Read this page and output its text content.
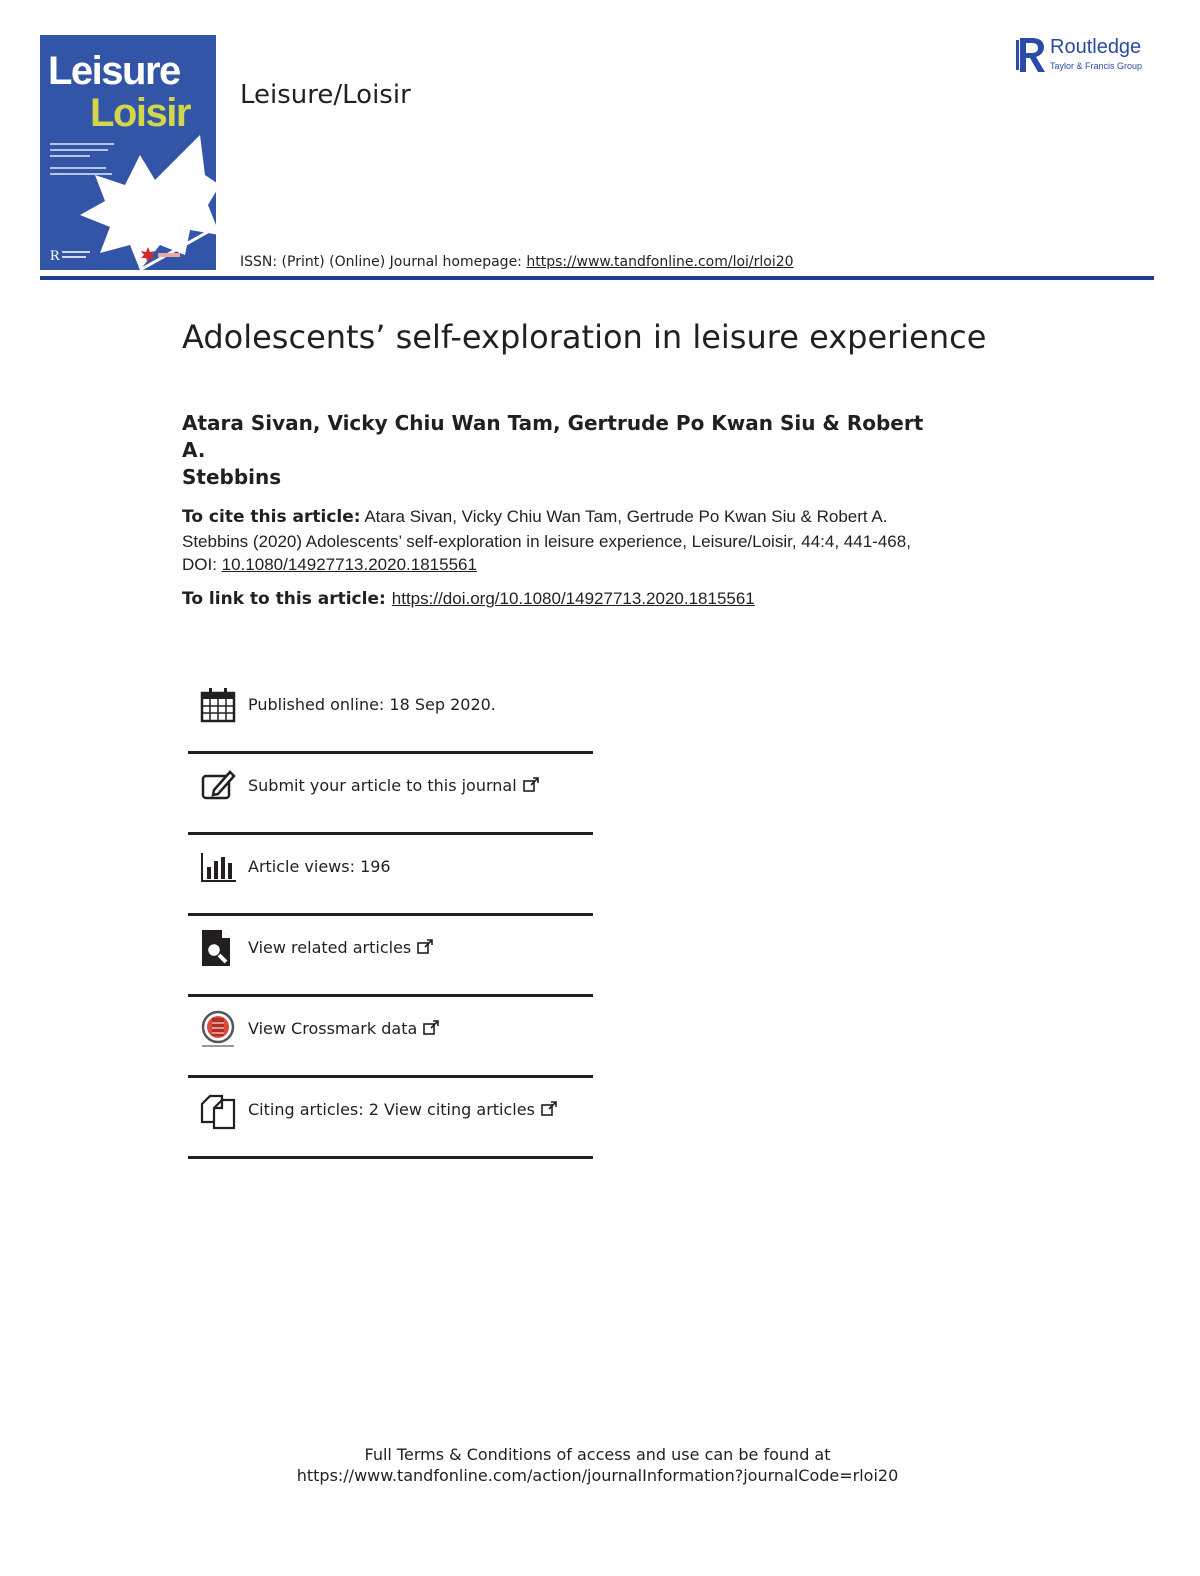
Leisure
Loisir
R
Leisure/Loisir
ISSN: (Print) (Online) Journal homepage: https://www.tandfonline.com/loi/rloi20
Routledge
Taylor & Francis Group
Adolescents’ self-exploration in leisure experience
Atara Sivan, Vicky Chiu Wan Tam, Gertrude Po Kwan Siu & Robert A.
Stebbins
To cite this article: Atara Sivan, Vicky Chiu Wan Tam, Gertrude Po Kwan Siu & Robert A.
Stebbins (2020) Adolescents’ self-exploration in leisure experience, Leisure/Loisir, 44:4, 441-468,
DOI: 10.1080/14927713.2020.1815561
To link to this article: https://doi.org/10.1080/14927713.2020.1815561
Published online: 18 Sep 2020.
Submit your article to this journal
Article views: 196
View related articles
View Crossmark data
Citing articles: 2 View citing articles
Full Terms & Conditions of access and use can be found at
https://www.tandfonline.com/action/journalInformation?journalCode=rloi20
